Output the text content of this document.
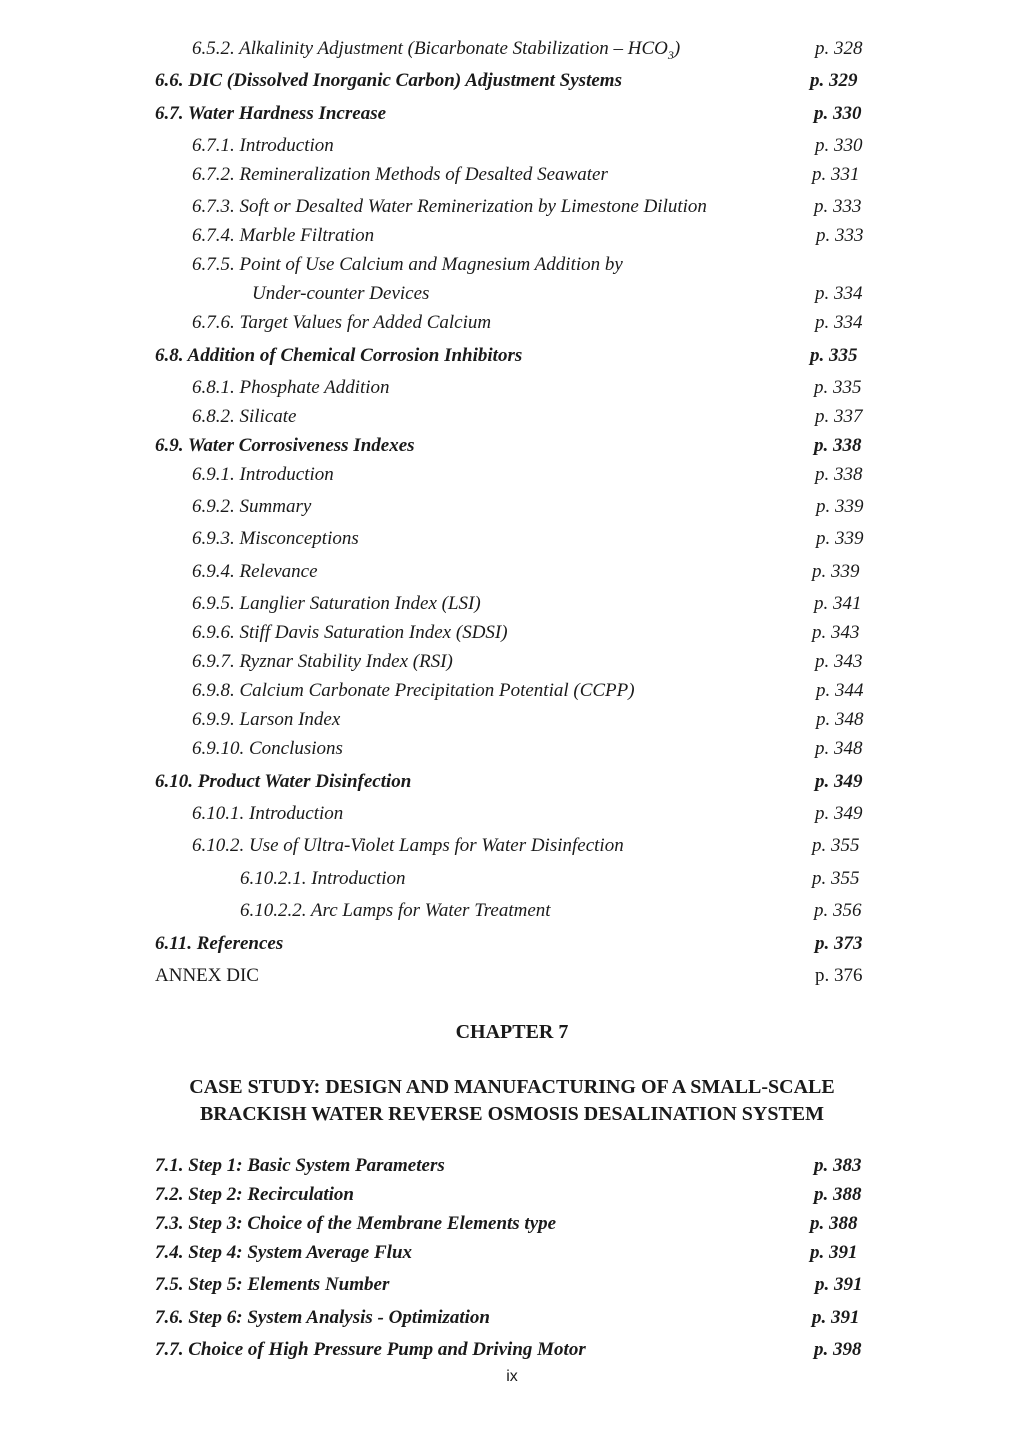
6.5.2. Alkalinity Adjustment (Bicarbonate Stabilization – $HCO_3$)	p. 328
6.6. DIC (Dissolved Inorganic Carbon) Adjustment Systems	p. 329
6.7. Water Hardness Increase	p. 330
6.7.1. Introduction	p. 330
6.7.2. Remineralization Methods of Desalted Seawater	p. 331
6.7.3. Soft or Desalted Water Reminerization by Limestone Dilution	p. 333
6.7.4. Marble Filtration	p. 333
6.7.5. Point of Use Calcium and Magnesium Addition by
Under-counter Devices	p. 334
6.7.6. Target Values for Added Calcium	p. 334
6.8. Addition of Chemical Corrosion Inhibitors	p. 335
6.8.1. Phosphate Addition	p. 335
6.8.2. Silicate	p. 337
6.9. Water Corrosiveness Indexes	p. 338
6.9.1. Introduction	p. 338
6.9.2. Summary	p. 339
6.9.3. Misconceptions	p. 339
6.9.4. Relevance	p. 339
6.9.5. Langlier Saturation Index (LSI)	p. 341
6.9.6. Stiff Davis Saturation Index (SDSI)	p. 343
6.9.7. Ryznar Stability Index (RSI)	p. 343
6.9.8. Calcium Carbonate Precipitation Potential (CCPP)	p. 344
6.9.9. Larson Index	p. 348
6.9.10. Conclusions	p. 348
6.10. Product Water Disinfection	p. 349
6.10.1. Introduction	p. 349
6.10.2. Use of Ultra-Violet Lamps for Water Disinfection	p. 355
6.10.2.1. Introduction	p. 355
6.10.2.2. Arc Lamps for Water Treatment	p. 356
6.11. References	p. 373
ANNEX DIC	p. 376
CHAPTER 7
CASE STUDY: DESIGN AND MANUFACTURING OF A SMALL-SCALE
BRACKISH WATER REVERSE OSMOSIS DESALINATION SYSTEM
7.1. Step 1: Basic System Parameters	p. 383
7.2. Step 2: Recirculation	p. 388
7.3. Step 3: Choice of the Membrane Elements type	p. 388
7.4. Step 4: System Average Flux	p. 391
7.5. Step 5: Elements Number	p. 391
7.6. Step 6: System Analysis - Optimization	p. 391
7.7. Choice of High Pressure Pump and Driving Motor	p. 398
ix
